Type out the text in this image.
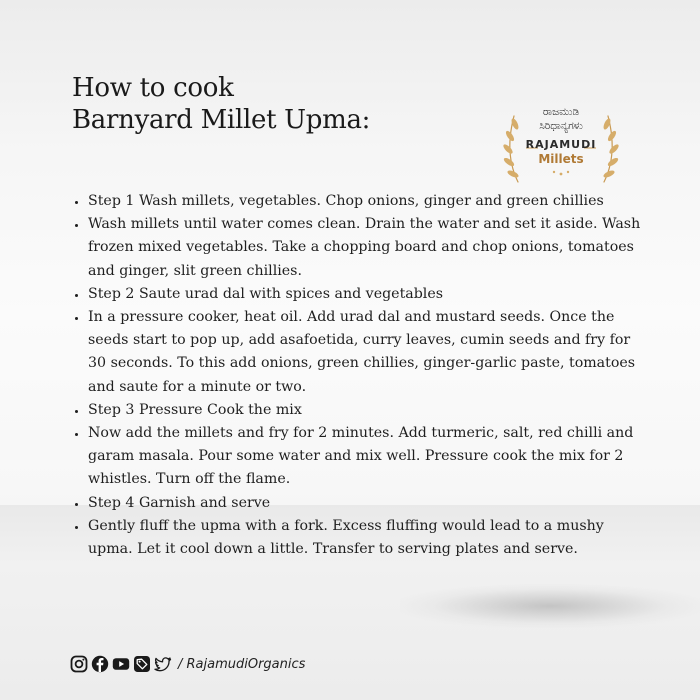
How to cook
Barnyard Millet Upma:	ರಾಜಮುಡಿ
ಸಿರಿಧಾನ್ಯಗಳು
RAJAMUDI
Millets
• Step 1 Wash millets, vegetables. Chop onions, ginger and green chillies
• Wash millets until water comes clean. Drain the water and set it aside. Wash frozen mixed vegetables. Take a chopping board and chop onions, tomatoes and ginger, slit green chillies.
• Step 2 Saute urad dal with spices and vegetables
• In a pressure cooker, heat oil. Add urad dal and mustard seeds. Once the seeds start to pop up, add asafoetida, curry leaves, cumin seeds and fry for 30 seconds. To this add onions, green chillies, ginger-garlic paste, tomatoes and saute for a minute or two.
• Step 3 Pressure Cook the mix
• Now add the millets and fry for 2 minutes. Add turmeric, salt, red chilli and garam masala. Pour some water and mix well. Pressure cook the mix for 2 whistles. Turn off the flame.
• Step 4 Garnish and serve
• Gently fluff the upma with a fork. Excess fluffing would lead to a mushy upma. Let it cool down a little. Transfer to serving plates and serve.
/ RajamudiOrganics
